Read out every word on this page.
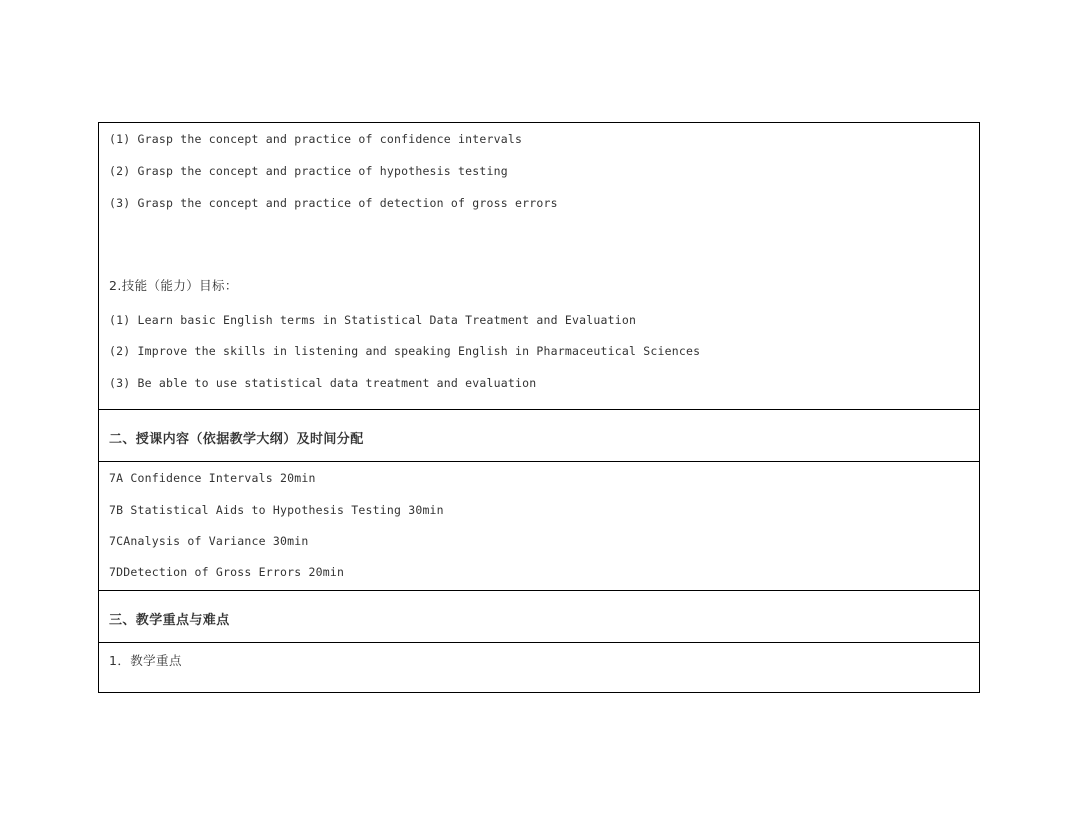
(1) Grasp the concept and practice of confidence intervals
(2) Grasp the concept and practice of hypothesis testing
(3) Grasp the concept and practice of detection of gross errors
2.技能（能力）目标：
(1) Learn basic English terms in Statistical Data Treatment and Evaluation
(2) Improve the skills in listening and speaking English in Pharmaceutical Sciences
(3) Be able to use statistical data treatment and evaluation
二、授课内容（依据教学大纲）及时间分配
7A Confidence Intervals 20min
7B Statistical Aids to Hypothesis Testing 30min
7CAnalysis of Variance 30min
7DDetection of Gross Errors 20min
三、教学重点与难点
1．教学重点
